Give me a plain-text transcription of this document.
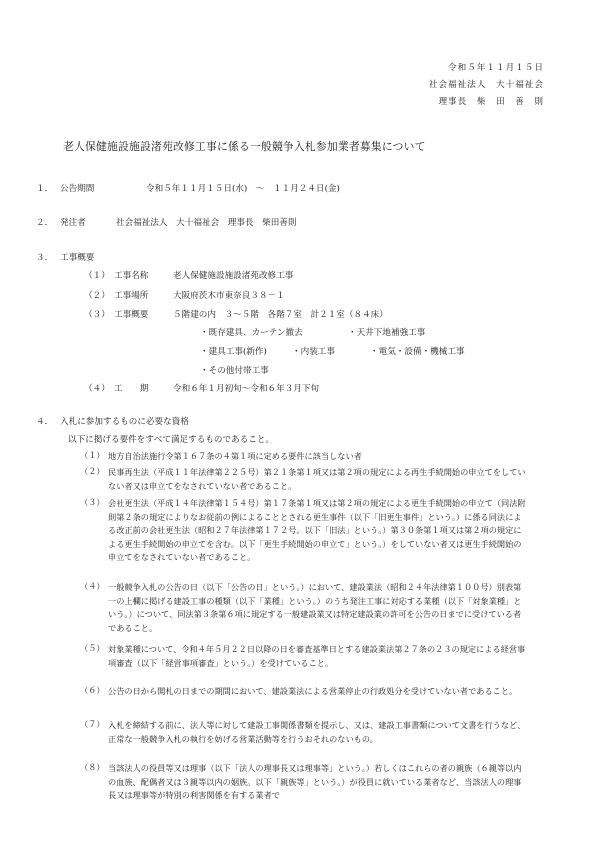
令和５年１１月１５日
社会福祉法人　大十福祉会
理事長　柴　田　善　則
老人保健施設施設渚苑改修工事に係る一般競争入札参加業者募集について
１． 公告期間	令和５年１１月１５日(水)　～　１１月２４日(金)
２． 発注者	社会福祉法人　大十福祉会　理事長　柴田善則
３． 工事概要
（１） 工事名称	老人保健施設施設渚苑改修工事
（２） 工事場所	大阪府茨木市東奈良３８－１
（３） 工事概要	５階建の内　３～５階　各階７室　計２１室（８４床）
・既存建具、カーテン撤去	・天井下地補強工事
・建具工事(新作)	・内装工事	・電気・設備・機械工事
・その他付帯工事
（４） 工　　期	令和６年１月初旬～令和６年３月下旬
４． 入札に参加するものに必要な資格
以下に掲げる要件をすべて満足するものであること。
（１） 地方自治法施行令第１６７条の４第１項に定める要件に該当しない者
（２） 民事再生法（平成１１年法律第２２５号）第２１条第１項又は第２項の規定による再生手続開始の申立てをしていない者又は申立てをなされていない者であること。
（３） 会社更生法（平成１４年法律第１５４号）第１７条第１項又は第２項の規定による更生手続開始の申立て（同法附則第２条の規定によりなお従前の例によることとされる更生事件（以下「旧更生事件」という。）に係る同法による改正前の会社更生法（昭和２７年法律第１７２号。以下「旧法」という。）第３０条第１項又は第２項の規定による更生手続開始の申立てを含む。以下「更生手続開始の申立て」という。）をしていない者又は更生手続開始の申立てをなされていない者であること。
（４） 一般競争入札の公告の日（以下「公告の日」という。）において、建設業法（昭和２４年法律第１００号）別表第一の上欄に掲げる建設工事の種類（以下「業種」という。）のうち発注工事に対応する業種（以下「対象業種」という。）について、同法第３条第６項に規定する一般建設業又は特定建設業の許可を公告の日までに受けている者であること。
（５） 対象業種について、令和４年５月２２日以降の日を審査基準日とする建設業法第２７条の２３の規定による経営事項審査（以下「経営事項審査」という。）を受けていること。
（６） 公告の日から開札の日までの期間において、建設業法による営業停止の行政処分を受けていない者であること。
（７） 入札を締結する前に、法人等に対して建設工事関係書類を提示し、又は、建設工事書類について文書を行うなど、正常な一般競争入札の執行を妨げる営業活動等を行うおそれのないもの。
（８） 当該法人の役員等又は理事（以下「法人の理事長又は理事等」という。）若しくはこれらの者の親族（６親等以内の血族、配偶者又は３親等以内の姻族。以下「親族等」という。）が役員に就いている業者など、当該法人の理事長又は理事等が特別の利害関係を有する業者で
